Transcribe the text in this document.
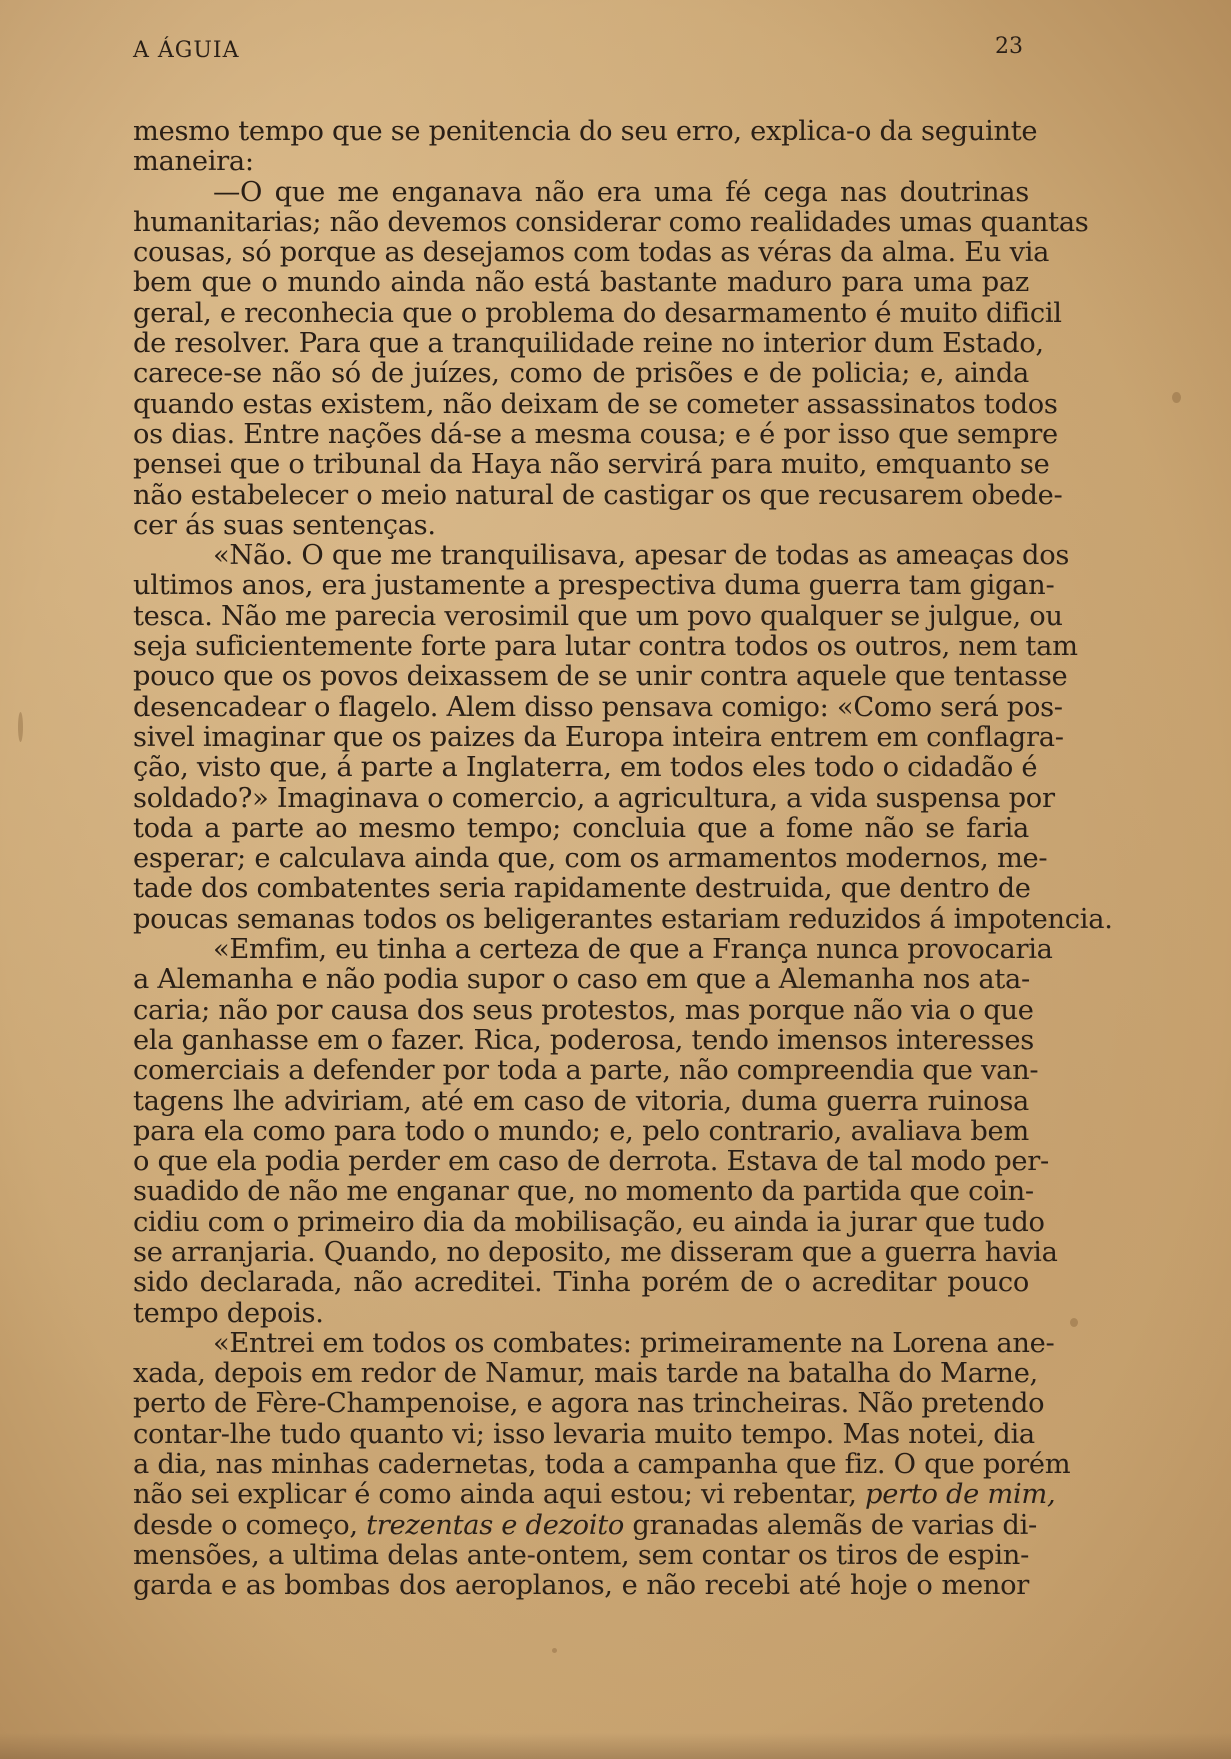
A ÁGUIA	23
mesmo tempo que se penitencia do seu erro, explica-o da seguinte
maneira:
—O que me enganava não era uma fé cega nas doutrinas
humanitarias; não devemos considerar como realidades umas quantas
cousas, só porque as desejamos com todas as véras da alma. Eu via
bem que o mundo ainda não está bastante maduro para uma paz
geral, e reconhecia que o problema do desarmamento é muito dificil
de resolver. Para que a tranquilidade reine no interior dum Estado,
carece-se não só de juízes, como de prisões e de policia; e, ainda
quando estas existem, não deixam de se cometer assassinatos todos
os dias. Entre nações dá-se a mesma cousa; e é por isso que sempre
pensei que o tribunal da Haya não servirá para muito, emquanto se
não estabelecer o meio natural de castigar os que recusarem obede-
cer ás suas sentenças.
«Não. O que me tranquilisava, apesar de todas as ameaças dos
ultimos anos, era justamente a prespectiva duma guerra tam gigan-
tesca. Não me parecia verosimil que um povo qualquer se julgue, ou
seja suficientemente forte para lutar contra todos os outros, nem tam
pouco que os povos deixassem de se unir contra aquele que tentasse
desencadear o flagelo. Alem disso pensava comigo: «Como será pos-
sivel imaginar que os paizes da Europa inteira entrem em conflagra-
ção, visto que, á parte a Inglaterra, em todos eles todo o cidadão é
soldado?» Imaginava o comercio, a agricultura, a vida suspensa por
toda a parte ao mesmo tempo; concluia que a fome não se faria
esperar; e calculava ainda que, com os armamentos modernos, me-
tade dos combatentes seria rapidamente destruida, que dentro de
poucas semanas todos os beligerantes estariam reduzidos á impotencia.
«Emfim, eu tinha a certeza de que a França nunca provocaria
a Alemanha e não podia supor o caso em que a Alemanha nos ata-
caria; não por causa dos seus protestos, mas porque não via o que
ela ganhasse em o fazer. Rica, poderosa, tendo imensos interesses
comerciais a defender por toda a parte, não compreendia que van-
tagens lhe adviriam, até em caso de vitoria, duma guerra ruinosa
para ela como para todo o mundo; e, pelo contrario, avaliava bem
o que ela podia perder em caso de derrota. Estava de tal modo per-
suadido de não me enganar que, no momento da partida que coin-
cidiu com o primeiro dia da mobilisação, eu ainda ia jurar que tudo
se arranjaria. Quando, no deposito, me disseram que a guerra havia
sido declarada, não acreditei. Tinha porém de o acreditar pouco
tempo depois.
«Entrei em todos os combates: primeiramente na Lorena ane-
xada, depois em redor de Namur, mais tarde na batalha do Marne,
perto de Fère-Champenoise, e agora nas trincheiras. Não pretendo
contar-lhe tudo quanto vi; isso levaria muito tempo. Mas notei, dia
a dia, nas minhas cadernetas, toda a campanha que fiz. O que porém
não sei explicar é como ainda aqui estou; vi rebentar, perto de mim,
desde o começo, trezentas e dezoito granadas alemãs de varias di-
mensões, a ultima delas ante-ontem, sem contar os tiros de espin-
garda e as bombas dos aeroplanos, e não recebi até hoje o menor
